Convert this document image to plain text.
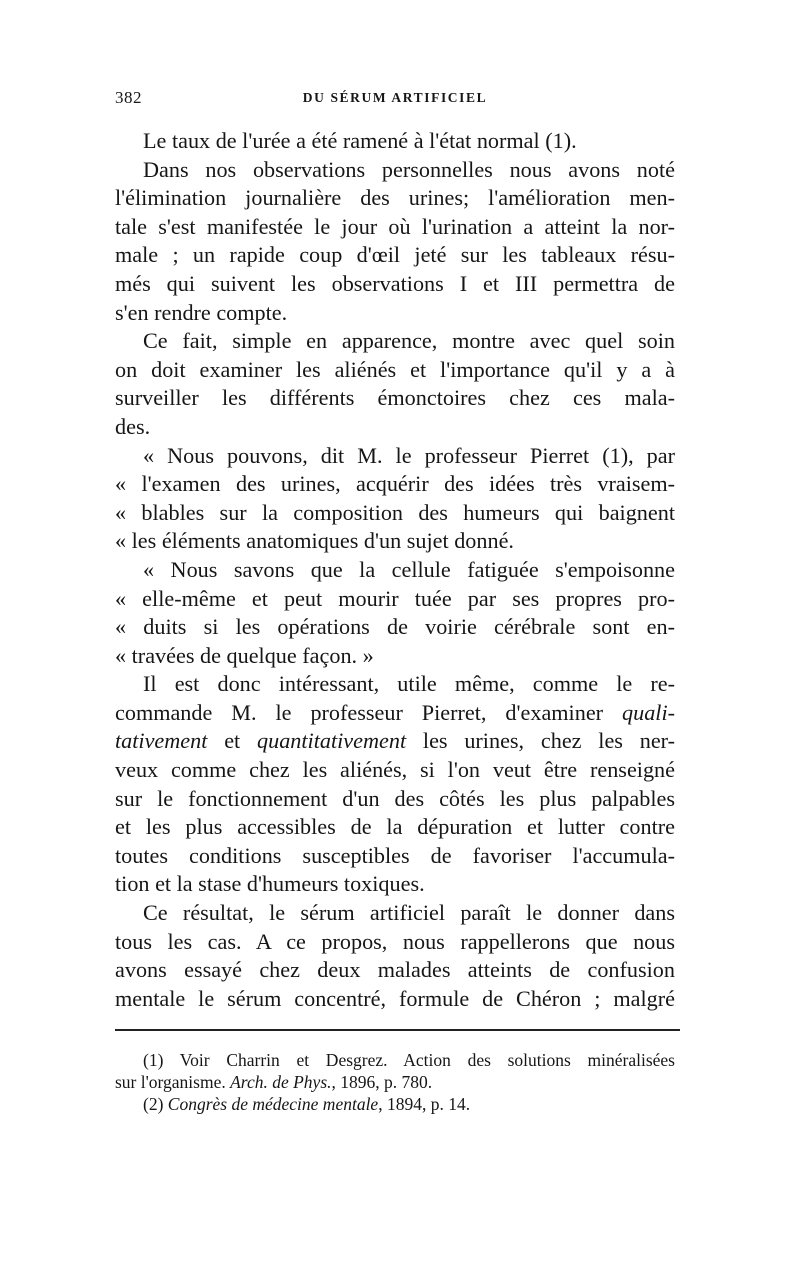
382	DU SÉRUM ARTIFICIEL
Le taux de l'urée a été ramené à l'état normal (1).
Dans nos observations personnelles nous avons noté
l'élimination journalière des urines; l'amélioration men-
tale s'est manifestée le jour où l'urination a atteint la nor-
male ; un rapide coup d'œil jeté sur les tableaux résu-
més qui suivent les observations I et III permettra de
s'en rendre compte.
Ce fait, simple en apparence, montre avec quel soin
on doit examiner les aliénés et l'importance qu'il y a à
surveiller les différents émonctoires chez ces mala-
des.
« Nous pouvons, dit M. le professeur Pierret (1), par
« l'examen des urines, acquérir des idées très vraisem-
« blables sur la composition des humeurs qui baignent
« les éléments anatomiques d'un sujet donné.
« Nous savons que la cellule fatiguée s'empoisonne
« elle-même et peut mourir tuée par ses propres pro-
« duits si les opérations de voirie cérébrale sont en-
« travées de quelque façon. »
Il est donc intéressant, utile même, comme le re-
commande M. le professeur Pierret, d'examiner quali-
tativement et quantitativement les urines, chez les ner-
veux comme chez les aliénés, si l'on veut être renseigné
sur le fonctionnement d'un des côtés les plus palpables
et les plus accessibles de la dépuration et lutter contre
toutes conditions susceptibles de favoriser l'accumula-
tion et la stase d'humeurs toxiques.
Ce résultat, le sérum artificiel paraît le donner dans
tous les cas. A ce propos, nous rappellerons que nous
avons essayé chez deux malades atteints de confusion
mentale le sérum concentré, formule de Chéron ; malgré
(1) Voir Charrin et Desgrez. Action des solutions minéralisées
sur l'organisme. Arch. de Phys., 1896, p. 780.
(2) Congrès de médecine mentale, 1894, p. 14.
